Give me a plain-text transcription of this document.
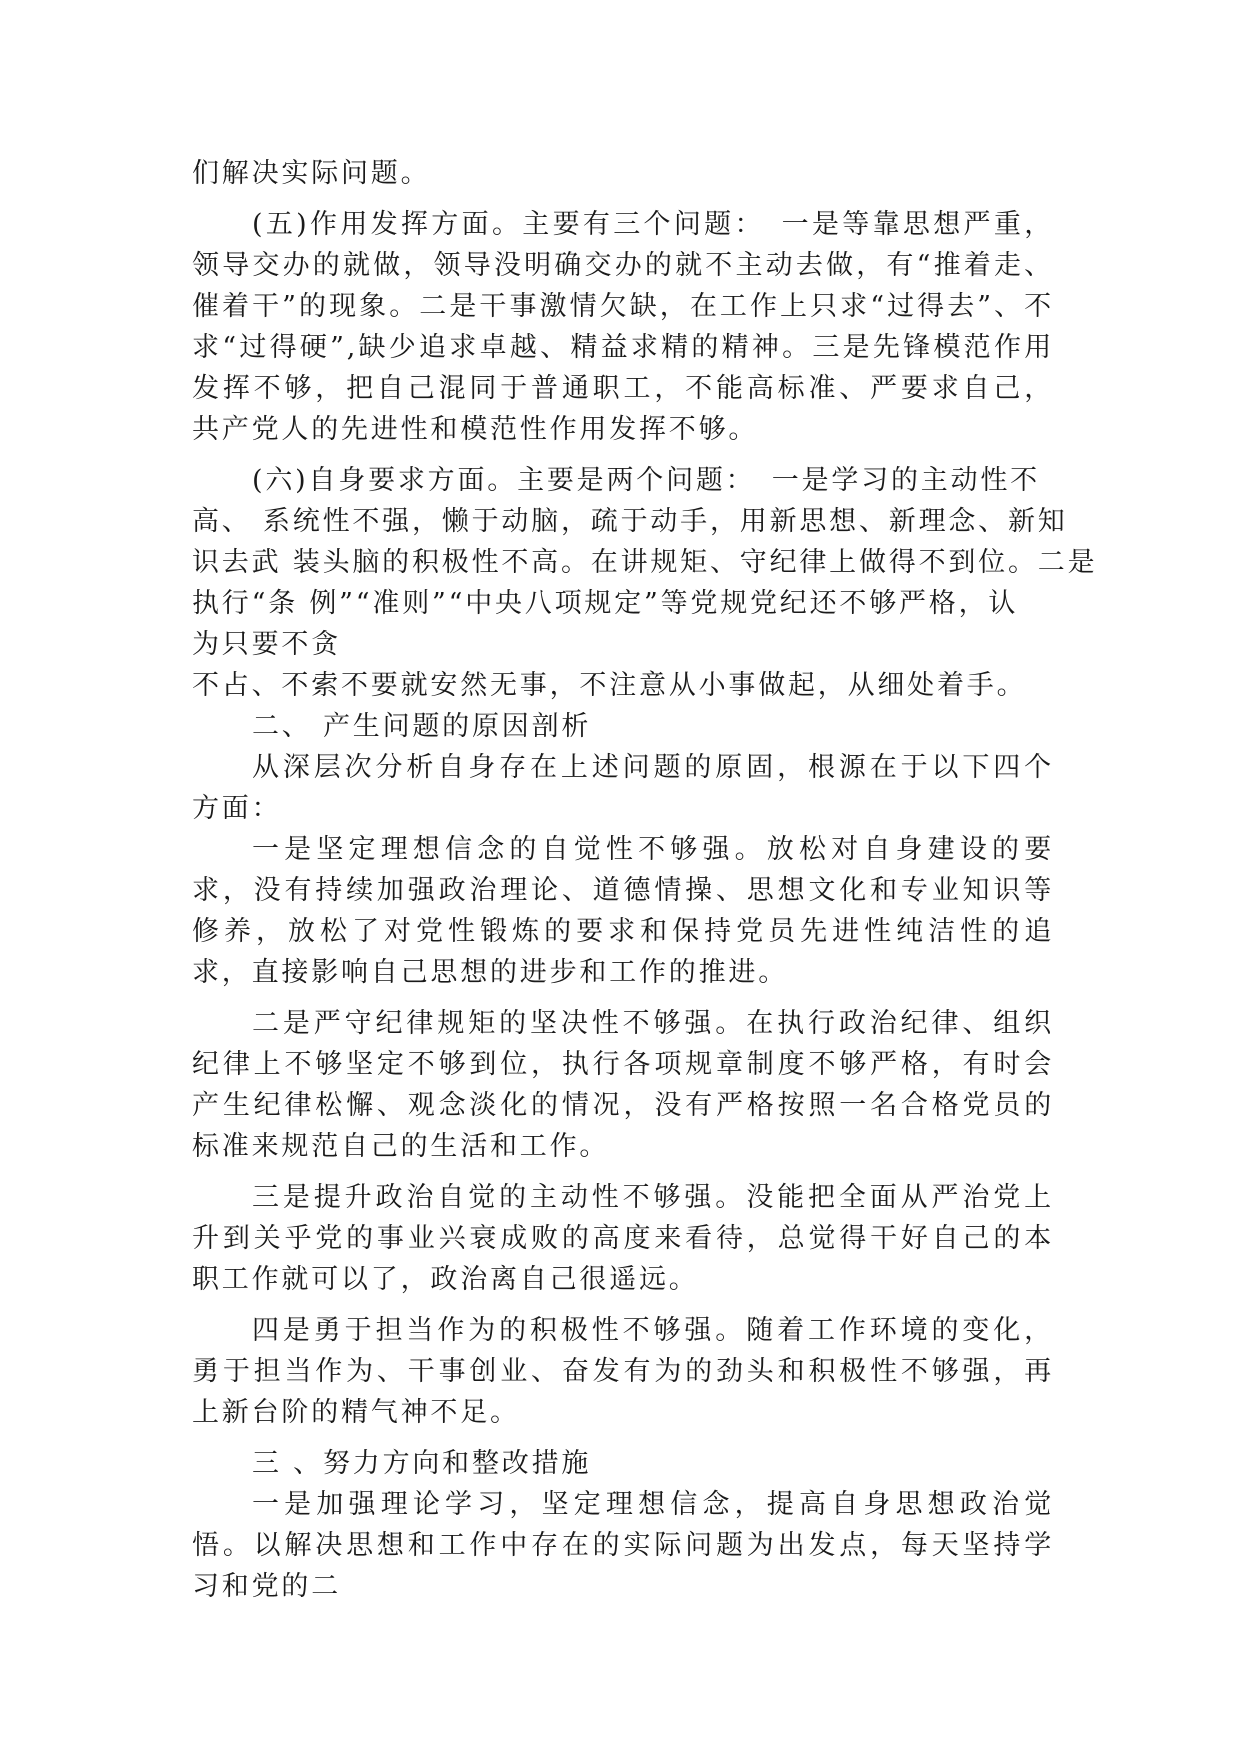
们解决实际问题。

(五)作用发挥方面。主要有三个问题：　一是等靠思想严重，领导交办的就做，领导没明确交办的就不主动去做，有“推着走、催着干”的现象。二是干事激情欠缺，在工作上只求“过得去”、不求“过得硬”,缺少追求卓越、精益求精的精神。三是先锋模范作用发挥不够，把自己混同于普通职工，不能高标准、严要求自己，共产党人的先进性和模范性作用发挥不够。

(六)自身要求方面。主要是两个问题：　一是学习的主动性不
高、 系统性不强，懒于动脑，疏于动手，用新思想、新理念、新知
识去武 装头脑的积极性不高。在讲规矩、守纪律上做得不到位。二是
执行“条 例”“准则”“中央八项规定”等党规党纪还不够严格，认
为只要不贪
不占、不索不要就安然无事，不注意从小事做起，从细处着手。

二、 产生问题的原因剖析

从深层次分析自身存在上述问题的原固，根源在于以下四个方面：

一是坚定理想信念的自觉性不够强。放松对自身建设的要求，没有持续加强政治理论、道德情操、思想文化和专业知识等修养，放松了对党性锻炼的要求和保持党员先进性纯洁性的追求，直接影响自己思想的进步和工作的推进。

二是严守纪律规矩的坚决性不够强。在执行政治纪律、组织纪律上不够坚定不够到位，执行各项规章制度不够严格，有时会产生纪律松懈、观念淡化的情况，没有严格按照一名合格党员的标准来规范自己的生活和工作。

三是提升政治自觉的主动性不够强。没能把全面从严治党上升到关乎党的事业兴衰成败的高度来看待，总觉得干好自己的本职工作就可以了，政治离自己很遥远。

四是勇于担当作为的积极性不够强。随着工作环境的变化，勇于担当作为、干事创业、奋发有为的劲头和积极性不够强，再上新台阶的精气神不足。

三 、努力方向和整改措施

一是加强理论学习，坚定理想信念，提高自身思想政治觉悟。以解决思想和工作中存在的实际问题为出发点，每天坚持学习和党的二
